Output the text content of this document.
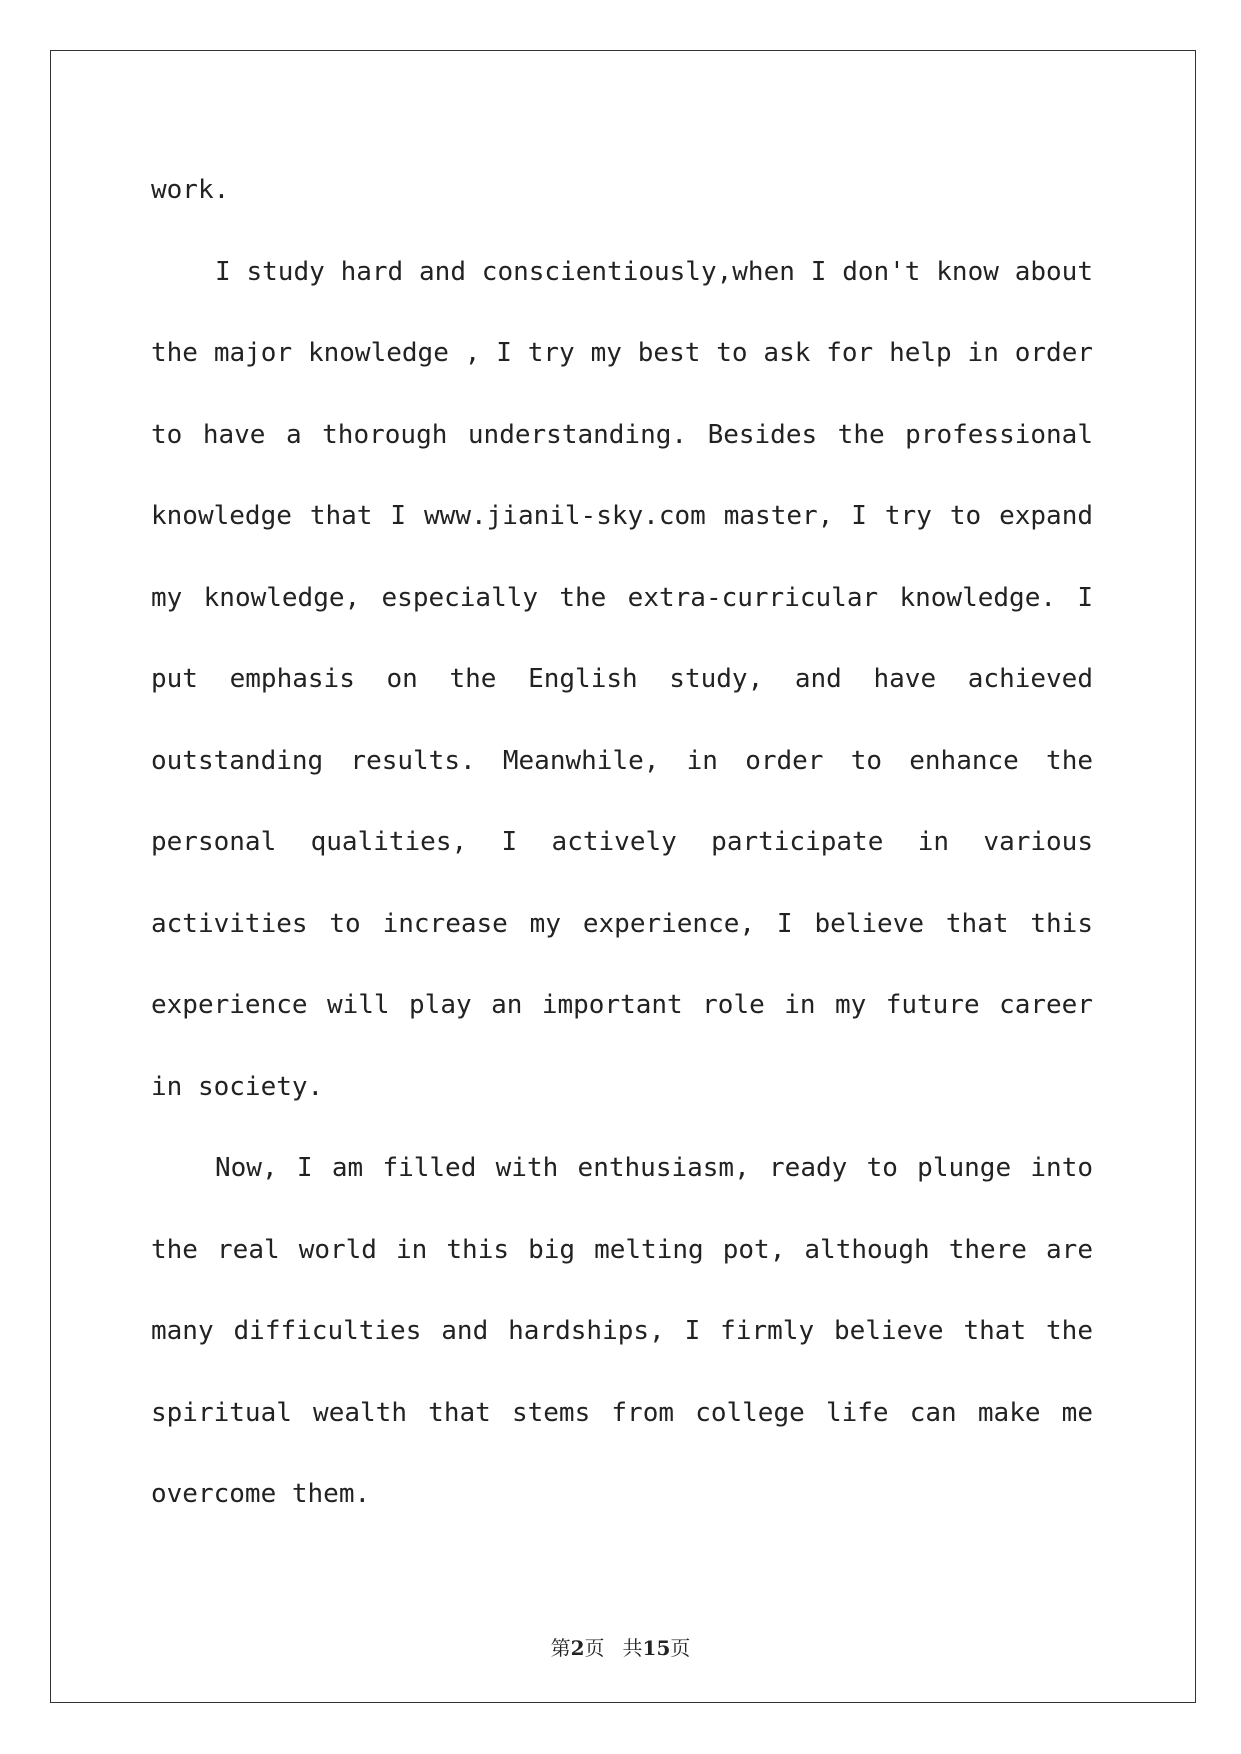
work.
I study hard and conscientiously,when I don't know about
the major knowledge , I try my best to ask for help in order
to have a thorough understanding. Besides the professional
knowledge that I www.jianil-sky.com master, I try to expand
my knowledge, especially the extra-curricular knowledge. I
put emphasis on the English study, and have achieved
outstanding results. Meanwhile, in order to enhance the
personal qualities, I actively participate in various
activities to increase my experience, I believe that this
experience will play an important role in my future career
in society.
Now, I am filled with enthusiasm, ready to plunge into
the real world in this big melting pot, although there are
many difficulties and hardships, I firmly believe that the
spiritual wealth that stems from college life can make me
overcome them.
第2页 共15页
